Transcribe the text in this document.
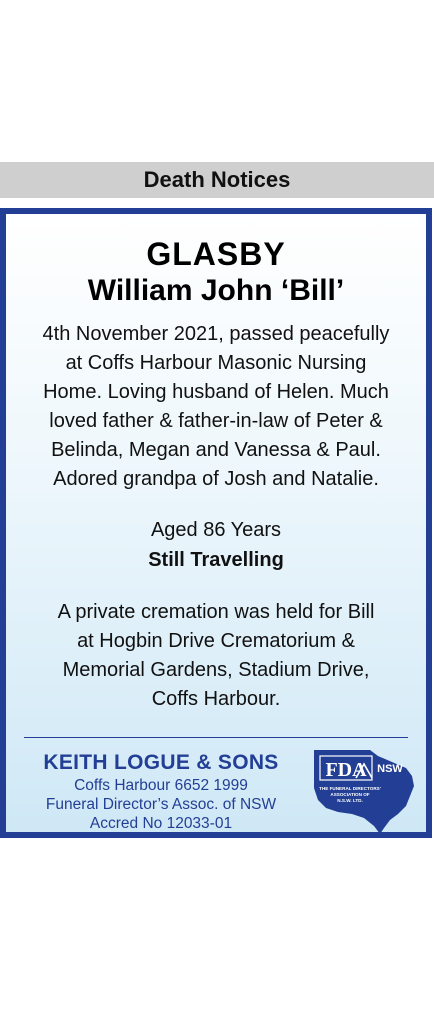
Death Notices
GLASBY
William John ‘Bill’
4th November 2021, passed peacefully
at Coffs Harbour Masonic Nursing
Home. Loving husband of Helen. Much
loved father & father-in-law of Peter &
Belinda, Megan and Vanessa & Paul.
Adored grandpa of Josh and Natalie.
Aged 86 Years
Still Travelling
A private cremation was held for Bill
at Hogbin Drive Crematorium &
Memorial Gardens, Stadium Drive,
Coffs Harbour.
KEITH LOGUE & SONS
Coffs Harbour 6652 1999
Funeral Director’s Assoc. of NSW
Accred No 12033-01
FDA NSW
THE FUNERAL DIRECTORS'
ASSOCIATION OF
N.S.W. LTD.
